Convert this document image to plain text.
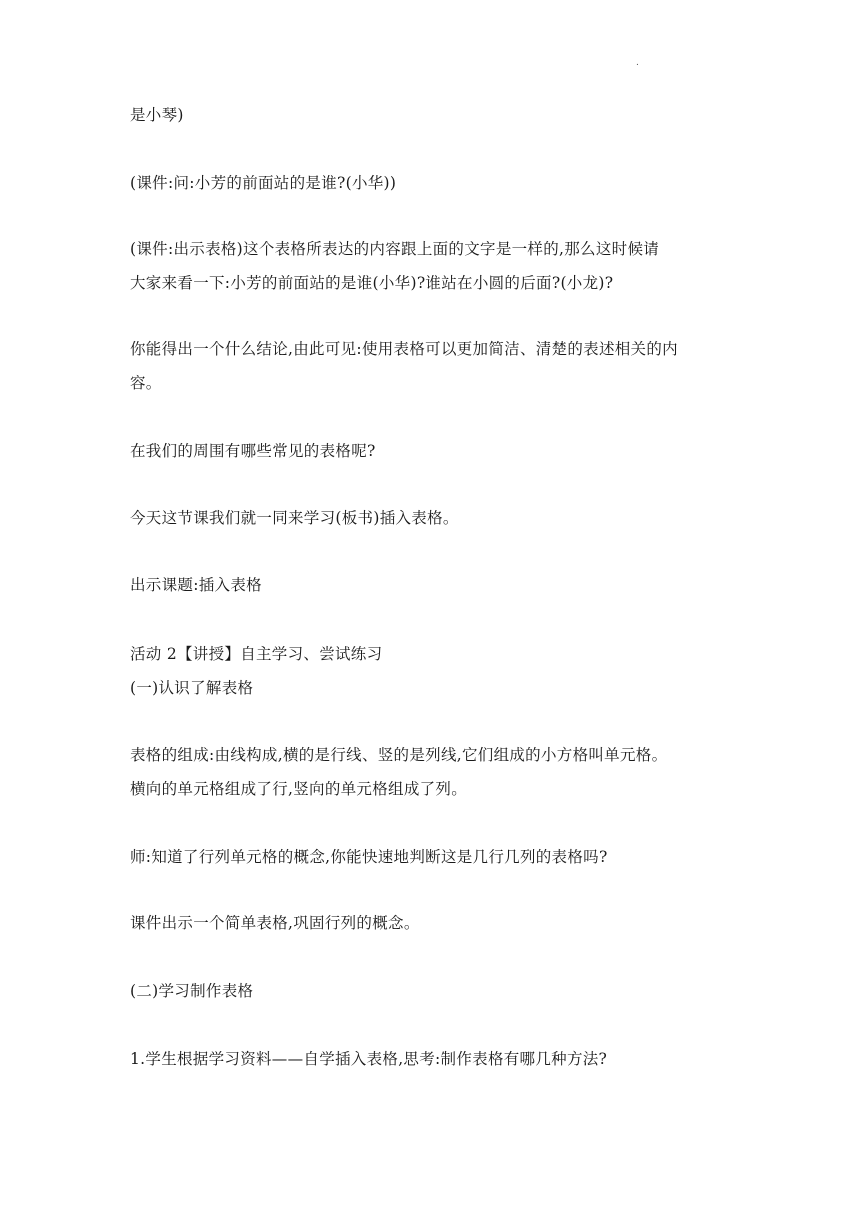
.
是小琴)
(课件:问:小芳的前面站的是谁?(小华))
(课件:出示表格)这个表格所表达的内容跟上面的文字是一样的,那么这时候请
大家来看一下:小芳的前面站的是谁(小华)?谁站在小圆的后面?(小龙)?
你能得出一个什么结论,由此可见:使用表格可以更加简洁、清楚的表述相关的内
容。
在我们的周围有哪些常见的表格呢?
今天这节课我们就一同来学习(板书)插入表格。
出示课题:插入表格
活动 2【讲授】自主学习、尝试练习
(一)认识了解表格
表格的组成:由线构成,横的是行线、竖的是列线,它们组成的小方格叫单元格。
横向的单元格组成了行,竖向的单元格组成了列。
师:知道了行列单元格的概念,你能快速地判断这是几行几列的表格吗?
课件出示一个简单表格,巩固行列的概念。
(二)学习制作表格
1.学生根据学习资料——自学插入表格,思考:制作表格有哪几种方法?
